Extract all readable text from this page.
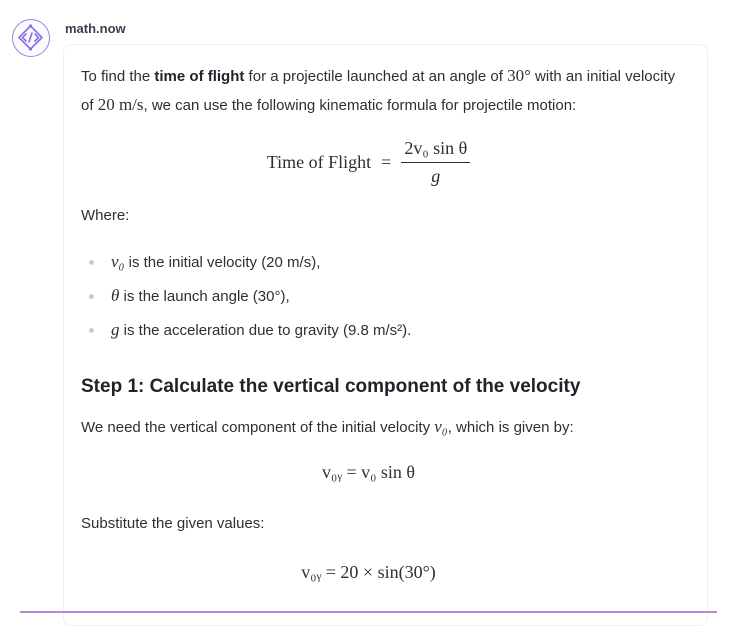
math.now
To find the time of flight for a projectile launched at an angle of 30° with an initial velocity of 20 m/s, we can use the following kinematic formula for projectile motion:
Time of Flight = $\frac{\text{2v₀ sin θ}}{g}$
Where:
v₀ is the initial velocity (20 m/s),
θ is the launch angle (30°),
g is the acceleration due to gravity (9.8 m/s²).
Step 1: Calculate the vertical component of the velocity
We need the vertical component of the initial velocity v₀, which is given by:
v₀ᵧ = v₀ sin θ
Substitute the given values:
v₀ᵧ = 20 × sin(30°)
